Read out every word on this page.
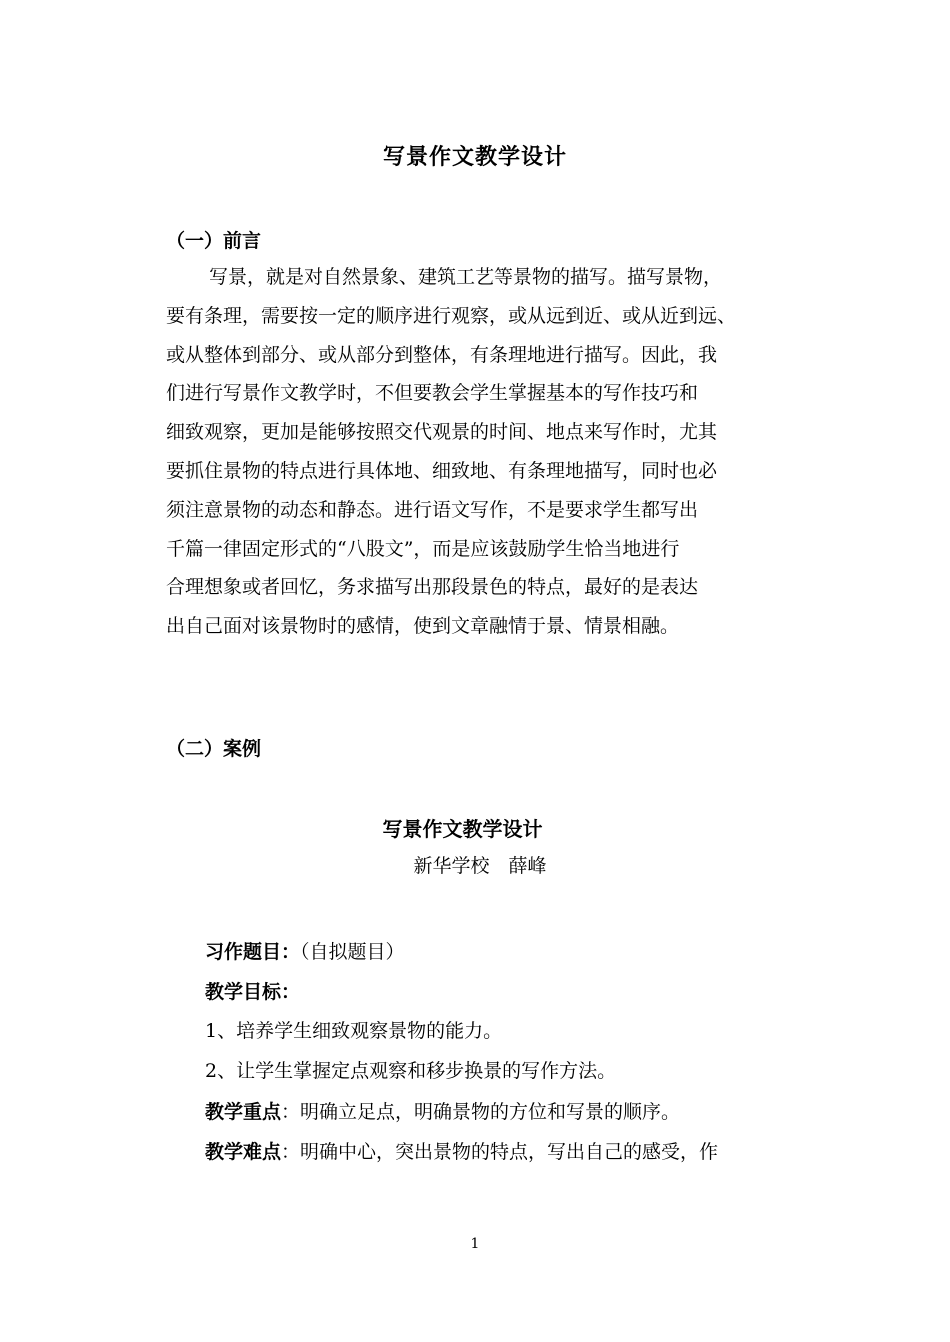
写景作文教学设计
（一）前言
写景，就是对自然景象、建筑工艺等景物的描写。描写景物，
要有条理，需要按一定的顺序进行观察，或从远到近、或从近到远、
或从整体到部分、或从部分到整体，有条理地进行描写。因此，我
们进行写景作文教学时，不但要教会学生掌握基本的写作技巧和
细致观察，更加是能够按照交代观景的时间、地点来写作时，尤其
要抓住景物的特点进行具体地、细致地、有条理地描写，同时也必
须注意景物的动态和静态。进行语文写作，不是要求学生都写出
千篇一律固定形式的“八股文”，而是应该鼓励学生恰当地进行
合理想象或者回忆，务求描写出那段景色的特点，最好的是表达
出自己面对该景物时的感情，使到文章融情于景、情景相融。
（二）案例
写景作文教学设计
新华学校　薛峰
习作题目：（自拟题目）
教学目标：
1、培养学生细致观察景物的能力。
2、让学生掌握定点观察和移步换景的写作方法。
教学重点：明确立足点，明确景物的方位和写景的顺序。
教学难点：明确中心，突出景物的特点，写出自己的感受，作
1
